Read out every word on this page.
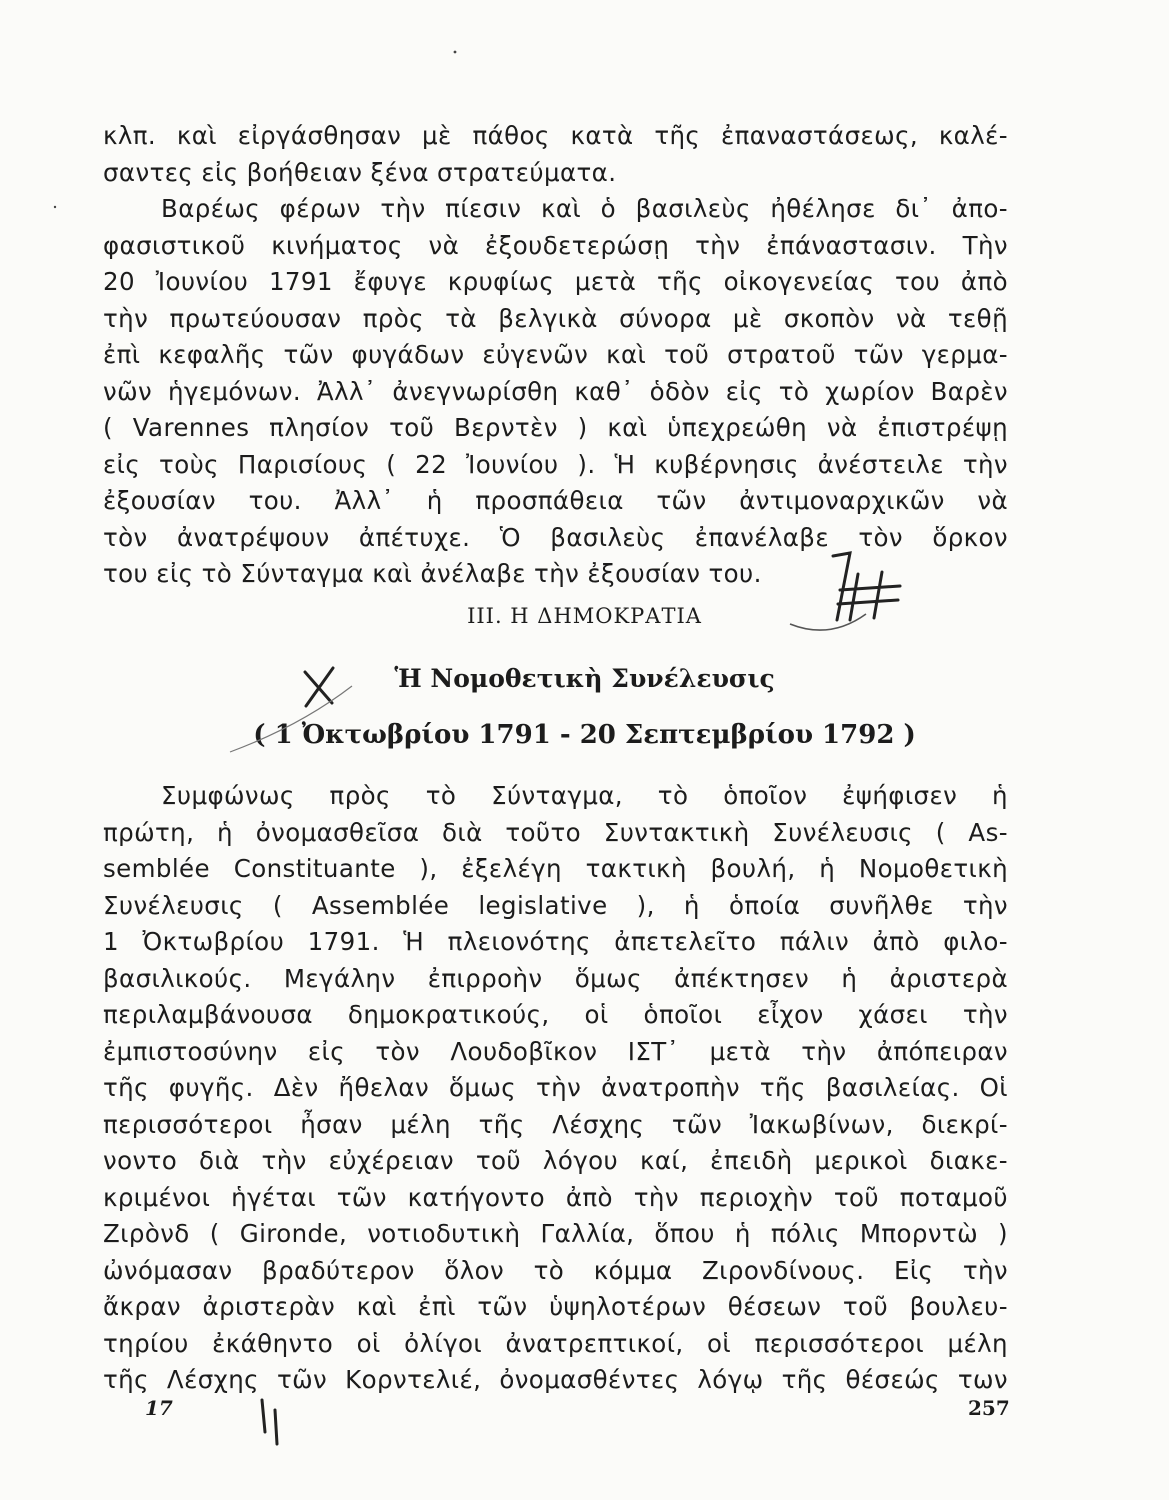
κλπ. καὶ εἰργάσθησαν μὲ πάθος κατὰ τῆς ἐπαναστάσεως, καλέ-
σαντες εἰς βοήθειαν ξένα στρατεύματα.
Βαρέως φέρων τὴν πίεσιν καὶ ὁ βασιλεὺς ἠθέλησε δι᾿ ἀπο-
φασιστικοῦ κινήματος νὰ ἐξουδετερώσῃ τὴν ἐπάναστασιν. Τὴν
20 Ἰουνίου 1791 ἔφυγε κρυφίως μετὰ τῆς οἰκογενείας του ἀπὸ
τὴν πρωτεύουσαν πρὸς τὰ βελγικὰ σύνορα μὲ σκοπὸν νὰ τεθῇ
ἐπὶ κεφαλῆς τῶν φυγάδων εὐγενῶν καὶ τοῦ στρατοῦ τῶν γερμα-
νῶν ἡγεμόνων. Ἀλλ᾿ ἀνεγνωρίσθη καθ᾿ ὁδὸν εἰς τὸ χωρίον Βαρὲν
( Varennes πλησίον τοῦ Βερντὲν ) καὶ ὑπεχρεώθη νὰ ἐπιστρέψῃ
εἰς τοὺς Παρισίους ( 22 Ἰουνίου ). Ἡ κυβέρνησις ἀνέστειλε τὴν
ἐξουσίαν του. Ἀλλ᾿ ἡ προσπάθεια τῶν ἀντιμοναρχικῶν νὰ
τὸν ἀνατρέψουν ἀπέτυχε. Ὁ βασιλεὺς ἐπανέλαβε τὸν ὅρκον
του εἰς τὸ Σύνταγμα καὶ ἀνέλαβε τὴν ἐξουσίαν του.
III. Η ΔΗΜΟΚΡΑΤΙΑ
Ἡ Νομοθετικὴ Συνέλευσις
( 1 Ὀκτωβρίου 1791 - 20 Σεπτεμβρίου 1792 )
Συμφώνως πρὸς τὸ Σύνταγμα, τὸ ὁποῖον ἐψήφισεν ἡ
πρώτη, ἡ ὀνομασθεῖσα διὰ τοῦτο Συντακτικὴ Συνέλευσις ( As-
semblée Constituante ), ἐξελέγη τακτικὴ βουλή, ἡ Νομοθετικὴ
Συνέλευσις ( Assemblée legislative ), ἡ ὁποία συνῆλθε τὴν
1 Ὀκτωβρίου 1791. Ἡ πλειονότης ἀπετελεῖτο πάλιν ἀπὸ φιλο-
βασιλικούς. Μεγάλην ἐπιρροὴν ὅμως ἀπέκτησεν ἡ ἀριστερὰ
περιλαμβάνουσα δημοκρατικούς, οἱ ὁποῖοι εἶχον χάσει τὴν
ἐμπιστοσύνην εἰς τὸν Λουδοβῖκον ΙΣΤ᾿ μετὰ τὴν ἀπόπειραν
τῆς φυγῆς. Δὲν ἤθελαν ὅμως τὴν ἀνατροπὴν τῆς βασιλείας. Οἱ
περισσότεροι ἦσαν μέλη τῆς Λέσχης τῶν Ἰακωβίνων, διεκρί-
νοντο διὰ τὴν εὐχέρειαν τοῦ λόγου καί, ἐπειδὴ μερικοὶ διακε-
κριμένοι ἡγέται τῶν κατήγοντο ἀπὸ τὴν περιοχὴν τοῦ ποταμοῦ
Ζιρὸνδ ( Gironde, νοτιοδυτικὴ Γαλλία, ὅπου ἡ πόλις Μπορντὼ )
ὠνόμασαν βραδύτερον ὅλον τὸ κόμμα Ζιρονδίνους. Εἰς τὴν
ἄκραν ἀριστερὰν καὶ ἐπὶ τῶν ὑψηλοτέρων θέσεων τοῦ βουλευ-
τηρίου ἐκάθηντο οἱ ὀλίγοι ἀνατρεπτικοί, οἱ περισσότεροι μέλη
τῆς Λέσχης τῶν Κορντελιέ, ὀνομασθέντες λόγῳ τῆς θέσεώς των
17	257
